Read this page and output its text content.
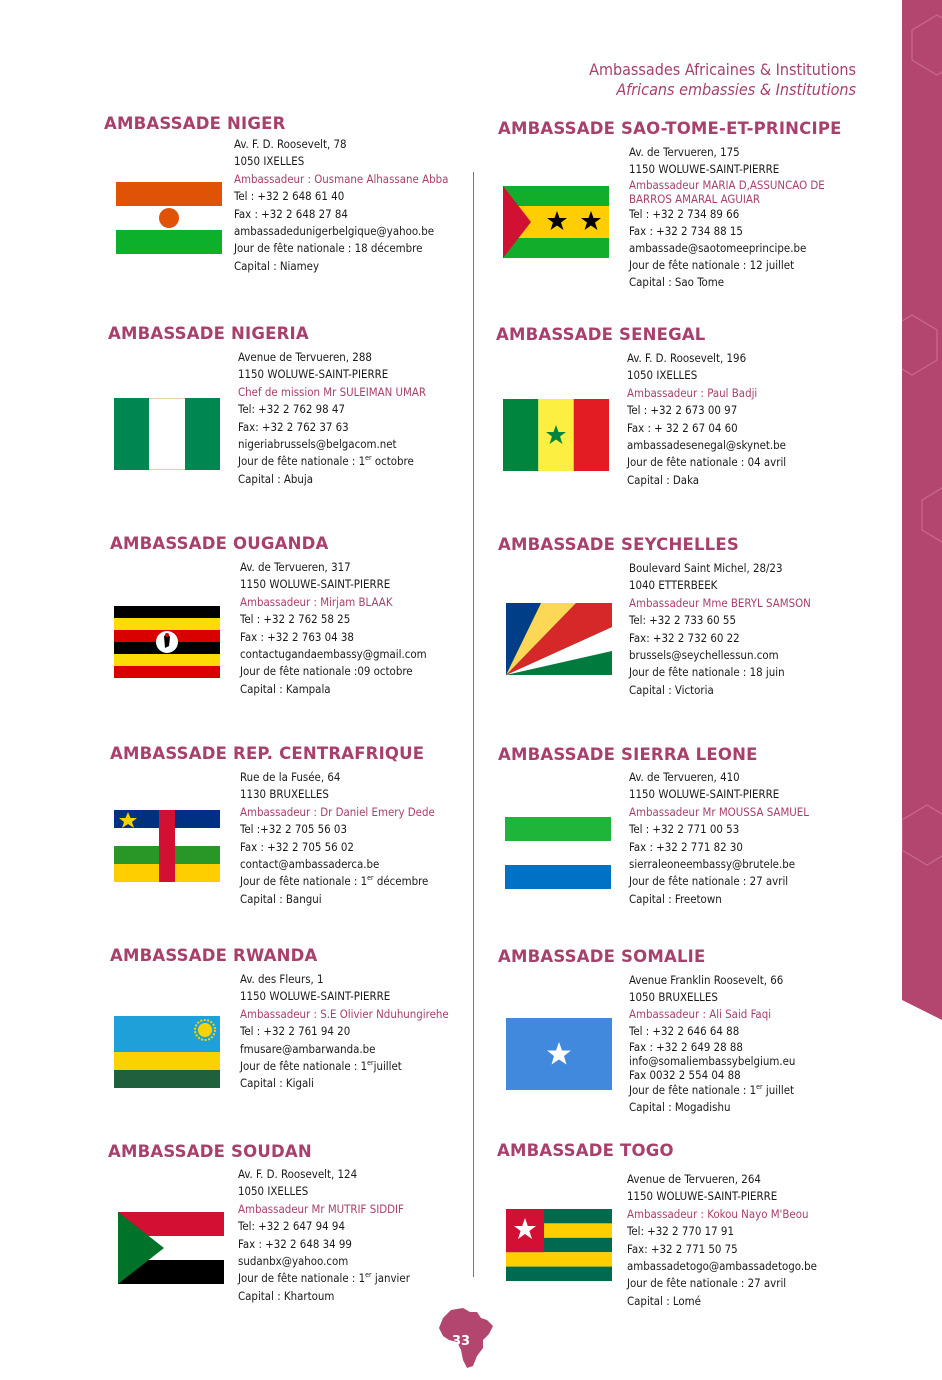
Ambassades Africaines & Institutions
Africans embassies & Institutions
AMBASSADE NIGER
Av. F. D. Roosevelt, 78
1050 IXELLES
Ambassadeur : Ousmane Alhassane Abba
Tel : +32 2 648 61 40
Fax : +32 2 648 27 84
ambassadedunigerbelgique@yahoo.be
Jour de fête nationale : 18 décembre
Capital : Niamey
AMBASSADE NIGERIA
Avenue de Tervueren, 288
1150 WOLUWE-SAINT-PIERRE
Chef de mission Mr SULEIMAN UMAR
Tel: +32 2 762 98 47
Fax: +32 2 762 37 63
nigeriabrussels@belgacom.net
Jour de fête nationale : 1er octobre
Capital : Abuja
AMBASSADE OUGANDA
Av. de Tervueren, 317
1150 WOLUWE-SAINT-PIERRE
Ambassadeur : Mirjam BLAAK
Tel : +32 2 762 58 25
Fax : +32 2 763 04 38
contactugandaembassy@gmail.com
Jour de fête nationale :09 octobre
Capital : Kampala
AMBASSADE REP. CENTRAFRIQUE
Rue de la Fusée, 64
1130 BRUXELLES
Ambassadeur : Dr Daniel Emery Dede
Tel :+32 2 705 56 03
Fax : +32 2 705 56 02
contact@ambassaderca.be
Jour de fête nationale : 1er décembre
Capital : Bangui
AMBASSADE RWANDA
Av. des Fleurs, 1
1150 WOLUWE-SAINT-PIERRE
Ambassadeur : S.E Olivier Nduhungirehe
Tel : +32 2 761 94 20
fmusare@ambarwanda.be
Jour de fête nationale : 1erjuillet
Capital : Kigali
AMBASSADE SOUDAN
Av. F. D. Roosevelt, 124
1050 IXELLES
Ambassadeur Mr MUTRIF SIDDIF
Tel: +32 2 647 94 94
Fax : +32 2 648 34 99
sudanbx@yahoo.com
Jour de fête nationale : 1er janvier
Capital : Khartoum
AMBASSADE SAO-TOME-ET-PRINCIPE
Av. de Tervueren, 175
1150 WOLUWE-SAINT-PIERRE
Ambassadeur MARIA D,ASSUNCAO DE
BARROS AMARAL AGUIAR
Tel : +32 2 734 89 66
Fax : +32 2 734 88 15
ambassade@saotomeeprincipe.be
Jour de fête nationale : 12 juillet
Capital : Sao Tome
AMBASSADE SENEGAL
Av. F. D. Roosevelt, 196
1050 IXELLES
Ambassadeur : Paul Badji
Tel : +32 2 673 00 97
Fax : + 32 2 67 04 60
ambassadesenegal@skynet.be
Jour de fête nationale : 04 avril
Capital : Daka
AMBASSADE SEYCHELLES
Boulevard Saint Michel, 28/23
1040 ETTERBEEK
Ambassadeur Mme BERYL SAMSON
Tel: +32 2 733 60 55
Fax: +32 2 732 60 22
brussels@seychellessun.com
Jour de fête nationale : 18 juin
Capital : Victoria
AMBASSADE SIERRA LEONE
Av. de Tervueren, 410
1150 WOLUWE-SAINT-PIERRE
Ambassadeur Mr MOUSSA SAMUEL
Tel : +32 2 771 00 53
Fax : +32 2 771 82 30
sierraleoneembassy@brutele.be
Jour de fête nationale : 27 avril
Capital : Freetown
AMBASSADE SOMALIE
Avenue Franklin Roosevelt, 66
1050 BRUXELLES
Ambassadeur : Ali Said Faqi
Tel : +32 2 646 64 88
Fax : +32 2 649 28 88
info@somaliembassybelgium.eu
Fax 0032 2 554 04 88
Jour de fête nationale : 1er juillet
Capital : Mogadishu
AMBASSADE TOGO
Avenue de Tervueren, 264
1150 WOLUWE-SAINT-PIERRE
Ambassadeur : Kokou Nayo M'Beou
Tel: +32 2 770 17 91
Fax: +32 2 771 50 75
ambassadetogo@ambassadetogo.be
Jour de fête nationale : 27 avril
Capital : Lomé
33
